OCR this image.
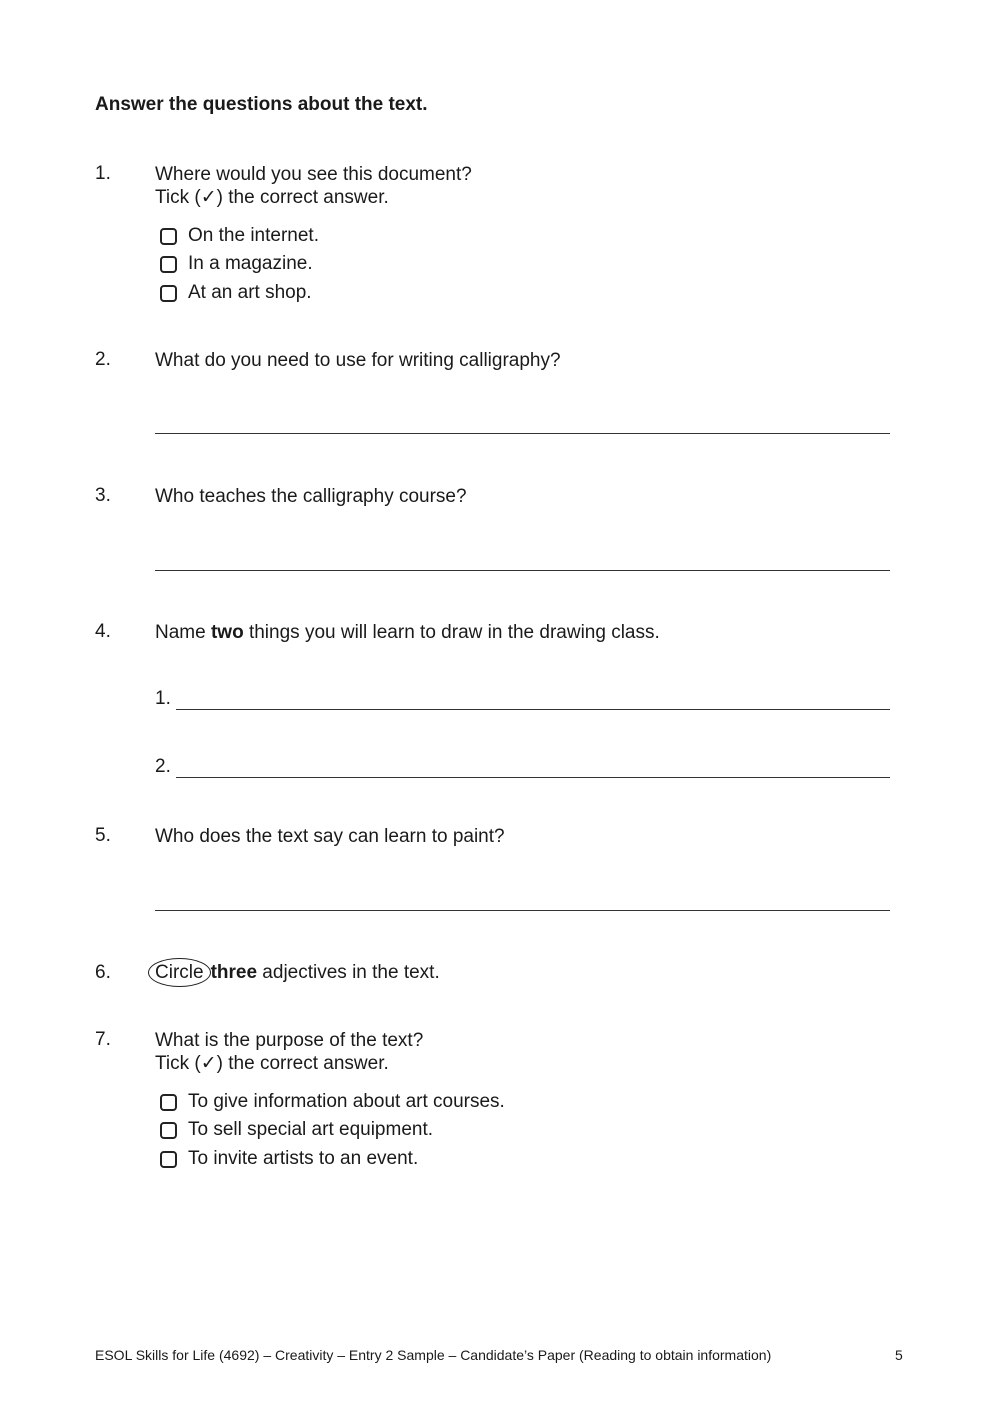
Answer the questions about the text.
1. Where would you see this document?
Tick (✓) the correct answer.
On the internet.
In a magazine.
At an art shop.
2. What do you need to use for writing calligraphy?
3. Who teaches the calligraphy course?
4. Name two things you will learn to draw in the drawing class.
1.
2.
5. Who does the text say can learn to paint?
6. Circle three adjectives in the text.
7. What is the purpose of the text?
Tick (✓) the correct answer.
To give information about art courses.
To sell special art equipment.
To invite artists to an event.
ESOL Skills for Life (4692) – Creativity – Entry 2 Sample – Candidate’s Paper (Reading to obtain information)	5
